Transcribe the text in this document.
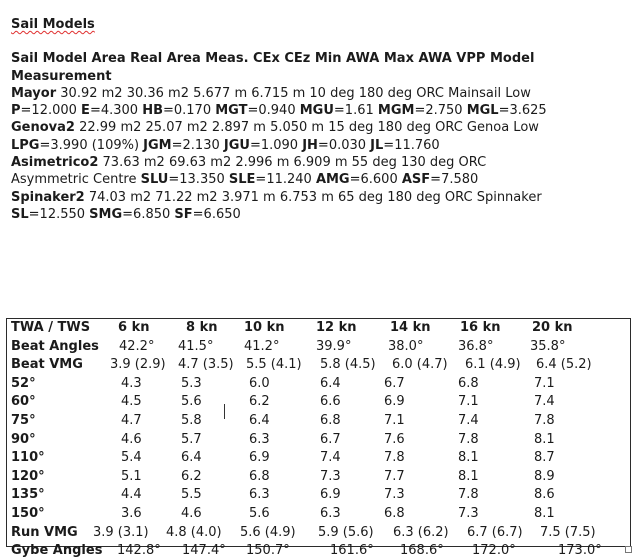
Sail Models
Sail Model Area Real Area Meas. CEx CEz Min AWA Max AWA VPP Model
Measurement
Mayor 30.92 m2 30.36 m2 5.677 m 6.715 m 10 deg 180 deg ORC Mainsail Low
P=12.000 E=4.300 HB=0.170 MGT=0.940 MGU=1.61 MGM=2.750 MGL=3.625
Genova2 22.99 m2 25.07 m2 2.897 m 5.050 m 15 deg 180 deg ORC Genoa Low
LPG=3.990 (109%) JGM=2.130 JGU=1.090 JH=0.030 JL=11.760
Asimetrico2 73.63 m2 69.63 m2 2.996 m 6.909 m 55 deg 130 deg ORC
Asymmetric Centre SLU=13.350 SLE=11.240 AMG=6.600 ASF=7.580
Spinaker2 74.03 m2 71.22 m2 3.971 m 6.753 m 65 deg 180 deg ORC Spinnaker
SL=12.550 SMG=6.850 SF=6.650
TWA / TWS 6 kn	8 kn 10 kn 12 kn	14 kn 16 kn 20 kn
Beat Angles 42.2° 41.5° 41.2°	39.9°	38.0°	36.8°	35.8°
Beat VMG 3.9 (2.9) 4.7 (3.5) 5.5 (4.1) 5.8 (4.5) 6.0 (4.7) 6.1 (4.9) 6.4 (5.2)
52°	4.3	5.3	6.0	6.4	6.7	6.8	7.1
60°	4.5	5.6	6.2	6.6	6.9	7.1	7.4
75°	4.7	5.8	6.4	6.8	7.1	7.4	7.8
90°	4.6	5.7	6.3	6.7	7.6	7.8	8.1
110°	5.4	6.4	6.9	7.4	7.8	8.1	8.7
120°	5.1	6.2	6.8	7.3	7.7	8.1	8.9
135°	4.4	5.5	6.3	6.9	7.3	7.8	8.6
150°	3.6	4.6	5.6	6.3	6.8	7.3	8.1
Run VMG 3.9 (3.1) 4.8 (4.0) 5.6 (4.9) 5.9 (5.6) 6.3 (6.2) 6.7 (6.7) 7.5 (7.5)
Gybe Angles 142.8° 147.4° 150.7°	161.6° 168.6° 172.0°	173.0°
